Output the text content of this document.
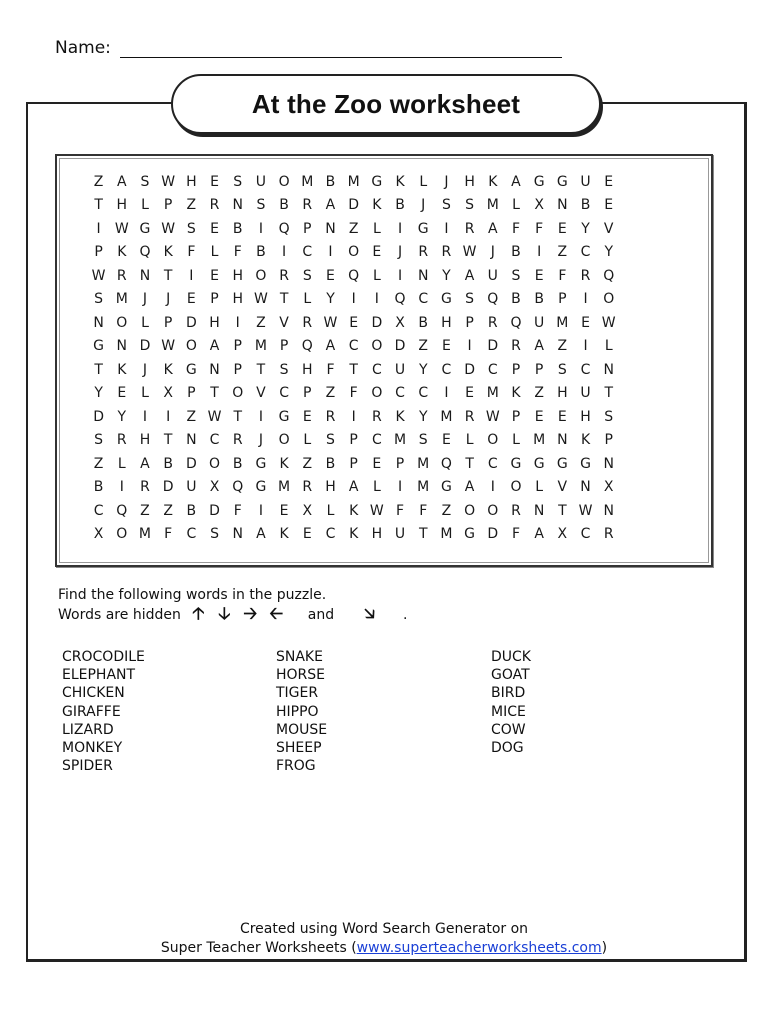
Name:
At the Zoo worksheet
Z A S W H E	S U O M B M G K	L	J	H K A G G U E
T H	L	P	Z R N S B R A D K B	J	S	S M L	X N B E
I	W G W S	E B	I	Q P N Z	L	I	G	I	R A	F	F	E	Y	V
P	K Q K	F	L	F	B	I	C	I	O E	J	R R W	J	B	I	Z C	Y
W R N T	I	E H O R S	E Q L	I	N Y	A U S	E	F	R Q
S M	J	J	E	P H W T	L	Y	I	I	Q C G S Q B B	P	I	O
N O L	P D H	I	Z V R W E D X B H P	R Q U M E W
G N D W O A	P M P Q A C O D Z E	I	D R A Z	I	L
T	K	J	K G N P	T	S H F	T	C U Y	C D C	P	P	S C N
Y	E	L	X	P	T O V C	P	Z	F O C C	I	E M K Z H U T
D Y	I	I	Z W T	I	G E R	I	R K	Y M R W P	E	E H S
S R H T N C R	J	O L	S	P	C M S	E	L O L M N K	P
Z	L	A B D O B G K Z B	P	E	P M Q T	C G G G G N
B	I	R D U X Q G M R H A	L	I	M G A	I	O L	V N X
C Q Z Z B D F	I	E X	L	K W F	F	Z O O R N T W N
X O M F	C S N A K	E C K H U T M G D F	A X C R
Find the following words in the puzzle.
Words are hidden 🡡 🡣 🡢 🡠 and 🡦 .
CROCODILE
ELEPHANT
CHICKEN
GIRAFFE
LIZARD
MONKEY
SPIDER
SNAKE
HORSE
TIGER
HIPPO
MOUSE
SHEEP
FROG
DUCK
GOAT
BIRD
MICE
COW
DOG
Created using Word Search Generator on
Super Teacher Worksheets (www.superteacherworksheets.com)
